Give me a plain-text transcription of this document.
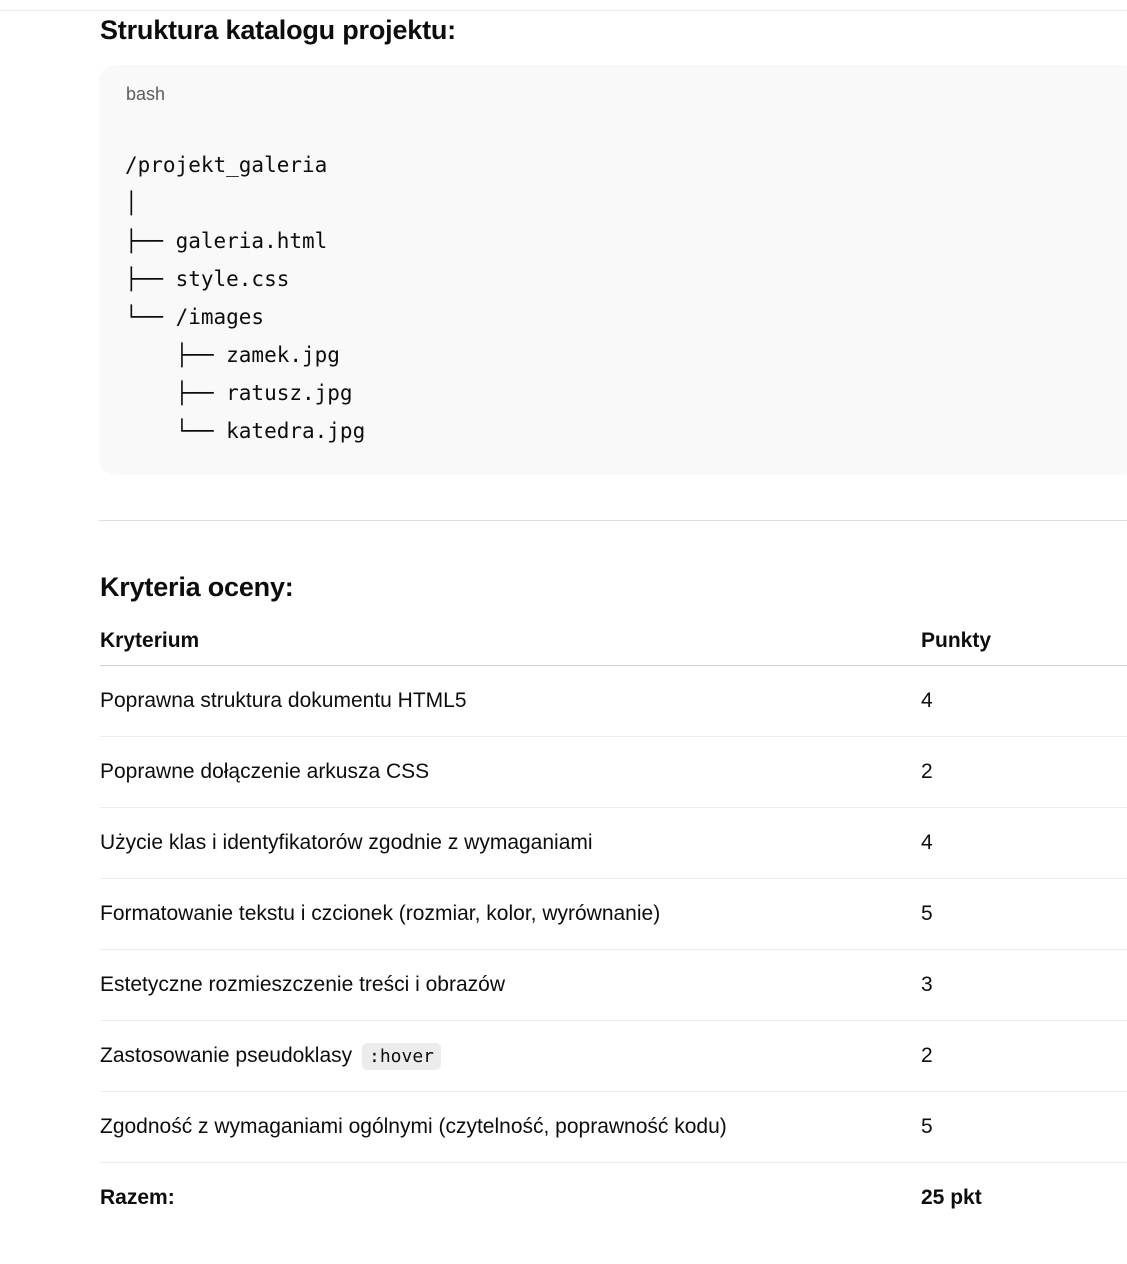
Struktura katalogu projektu:
bash
/projekt_galeria
│
├── galeria.html
├── style.css
└── /images
├── zamek.jpg
├── ratusz.jpg
└── katedra.jpg
Kryteria oceny:
Kryterium	Punkty
Poprawna struktura dokumentu HTML5	4
Poprawne dołączenie arkusza CSS	2
Użycie klas i identyfikatorów zgodnie z wymaganiami	4
Formatowanie tekstu i czcionek (rozmiar, kolor, wyrównanie)	5
Estetyczne rozmieszczenie treści i obrazów	3
Zastosowanie pseudoklasy :hover	2
Zgodność z wymaganiami ogólnymi (czytelność, poprawność kodu)	5
Razem:	25 pkt
